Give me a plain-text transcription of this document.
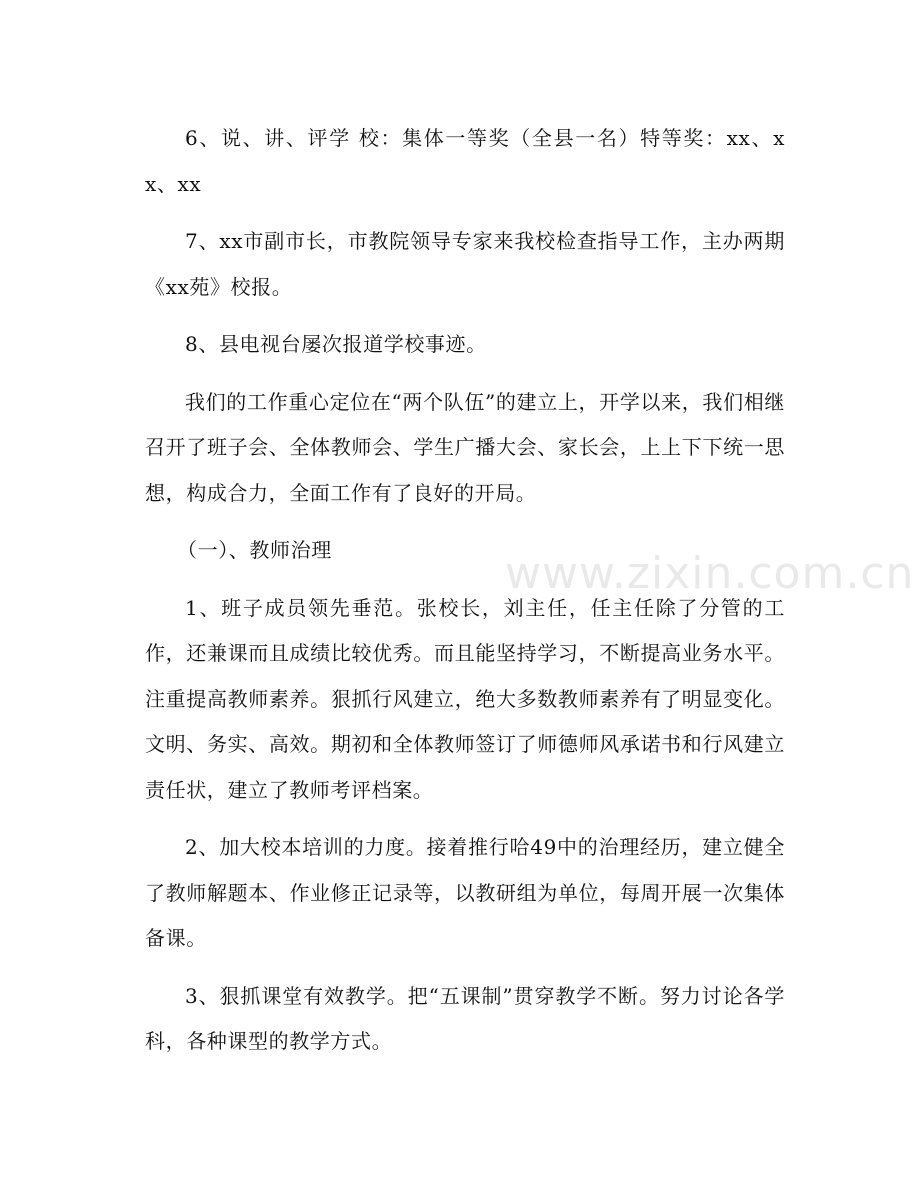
6、说、讲、评学 校：集体一等奖（全县一名）特等奖：xx、xx、xx

7、xx市副市长，市教院领导专家来我校检查指导工作，主办两期《xx苑》校报。

8、县电视台屡次报道学校事迹。

我们的工作重心定位在“两个队伍”的建立上，开学以来，我们相继召开了班子会、全体教师会、学生广播大会、家长会，上上下下统一思想，构成合力，全面工作有了良好的开局。

（一）、教师治理

1、班子成员领先垂范。张校长，刘主任，任主任除了分管的工作，还兼课而且成绩比较优秀。而且能坚持学习，不断提高业务水平。注重提高教师素养。狠抓行风建立，绝大多数教师素养有了明显变化。文明、务实、高效。期初和全体教师签订了师德师风承诺书和行风建立责任状，建立了教师考评档案。

2、加大校本培训的力度。接着推行哈49中的治理经历，建立健全了教师解题本、作业修正记录等，以教研组为单位，每周开展一次集体备课。

3、狠抓课堂有效教学。把“五课制”贯穿教学不断。努力讨论各学科，各种课型的教学方式。

www.zixin.com.cn
